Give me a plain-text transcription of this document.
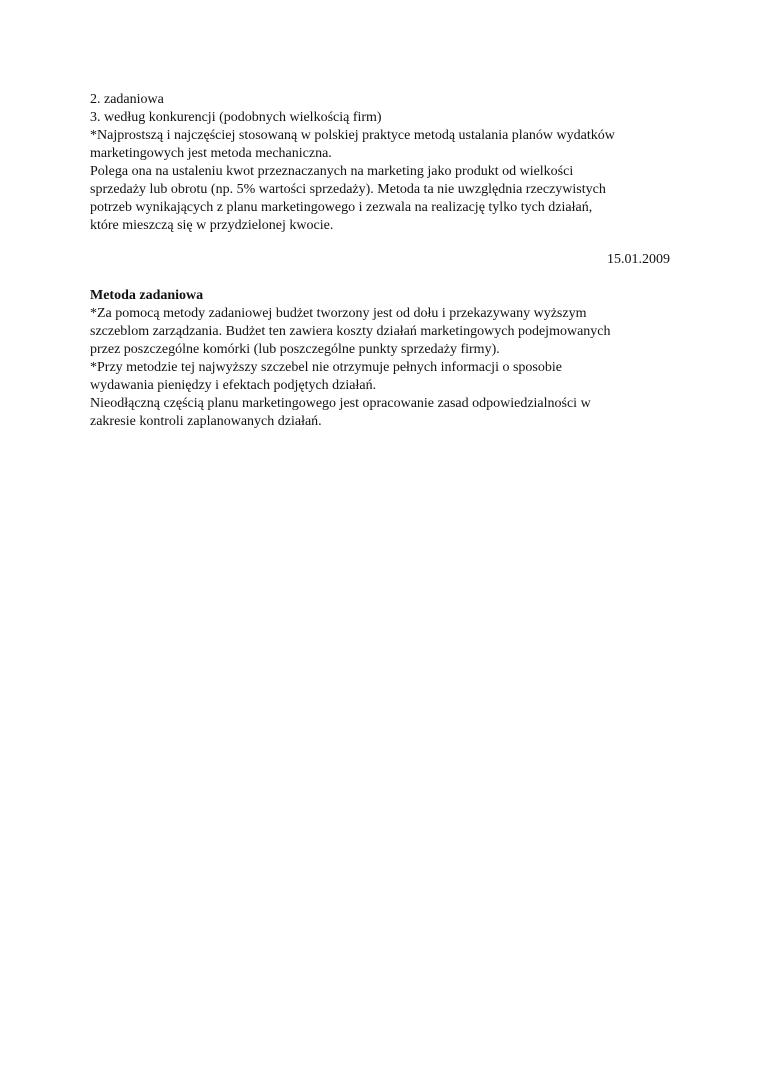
2. zadaniowa
3. według konkurencji (podobnych wielkością firm)
*Najprostszą i najczęściej stosowaną w polskiej praktyce metodą ustalania planów wydatków
marketingowych jest metoda mechaniczna.
Polega ona na ustaleniu kwot przeznaczanych na marketing jako produkt od wielkości
sprzedaży lub obrotu (np. 5% wartości sprzedaży). Metoda ta nie uwzględnia rzeczywistych
potrzeb wynikających z planu marketingowego i zezwala na realizację tylko tych działań,
które mieszczą się w przydzielonej kwocie.
15.01.2009
Metoda zadaniowa
*Za pomocą metody zadaniowej budżet tworzony jest od dołu i przekazywany wyższym
szczeblom zarządzania. Budżet ten zawiera koszty działań marketingowych podejmowanych
przez poszczególne komórki (lub poszczególne punkty sprzedaży firmy).
*Przy metodzie tej najwyższy szczebel nie otrzymuje pełnych informacji o sposobie
wydawania pieniędzy i efektach podjętych działań.
Nieodłączną częścią planu marketingowego jest opracowanie zasad odpowiedzialności w
zakresie kontroli zaplanowanych działań.
